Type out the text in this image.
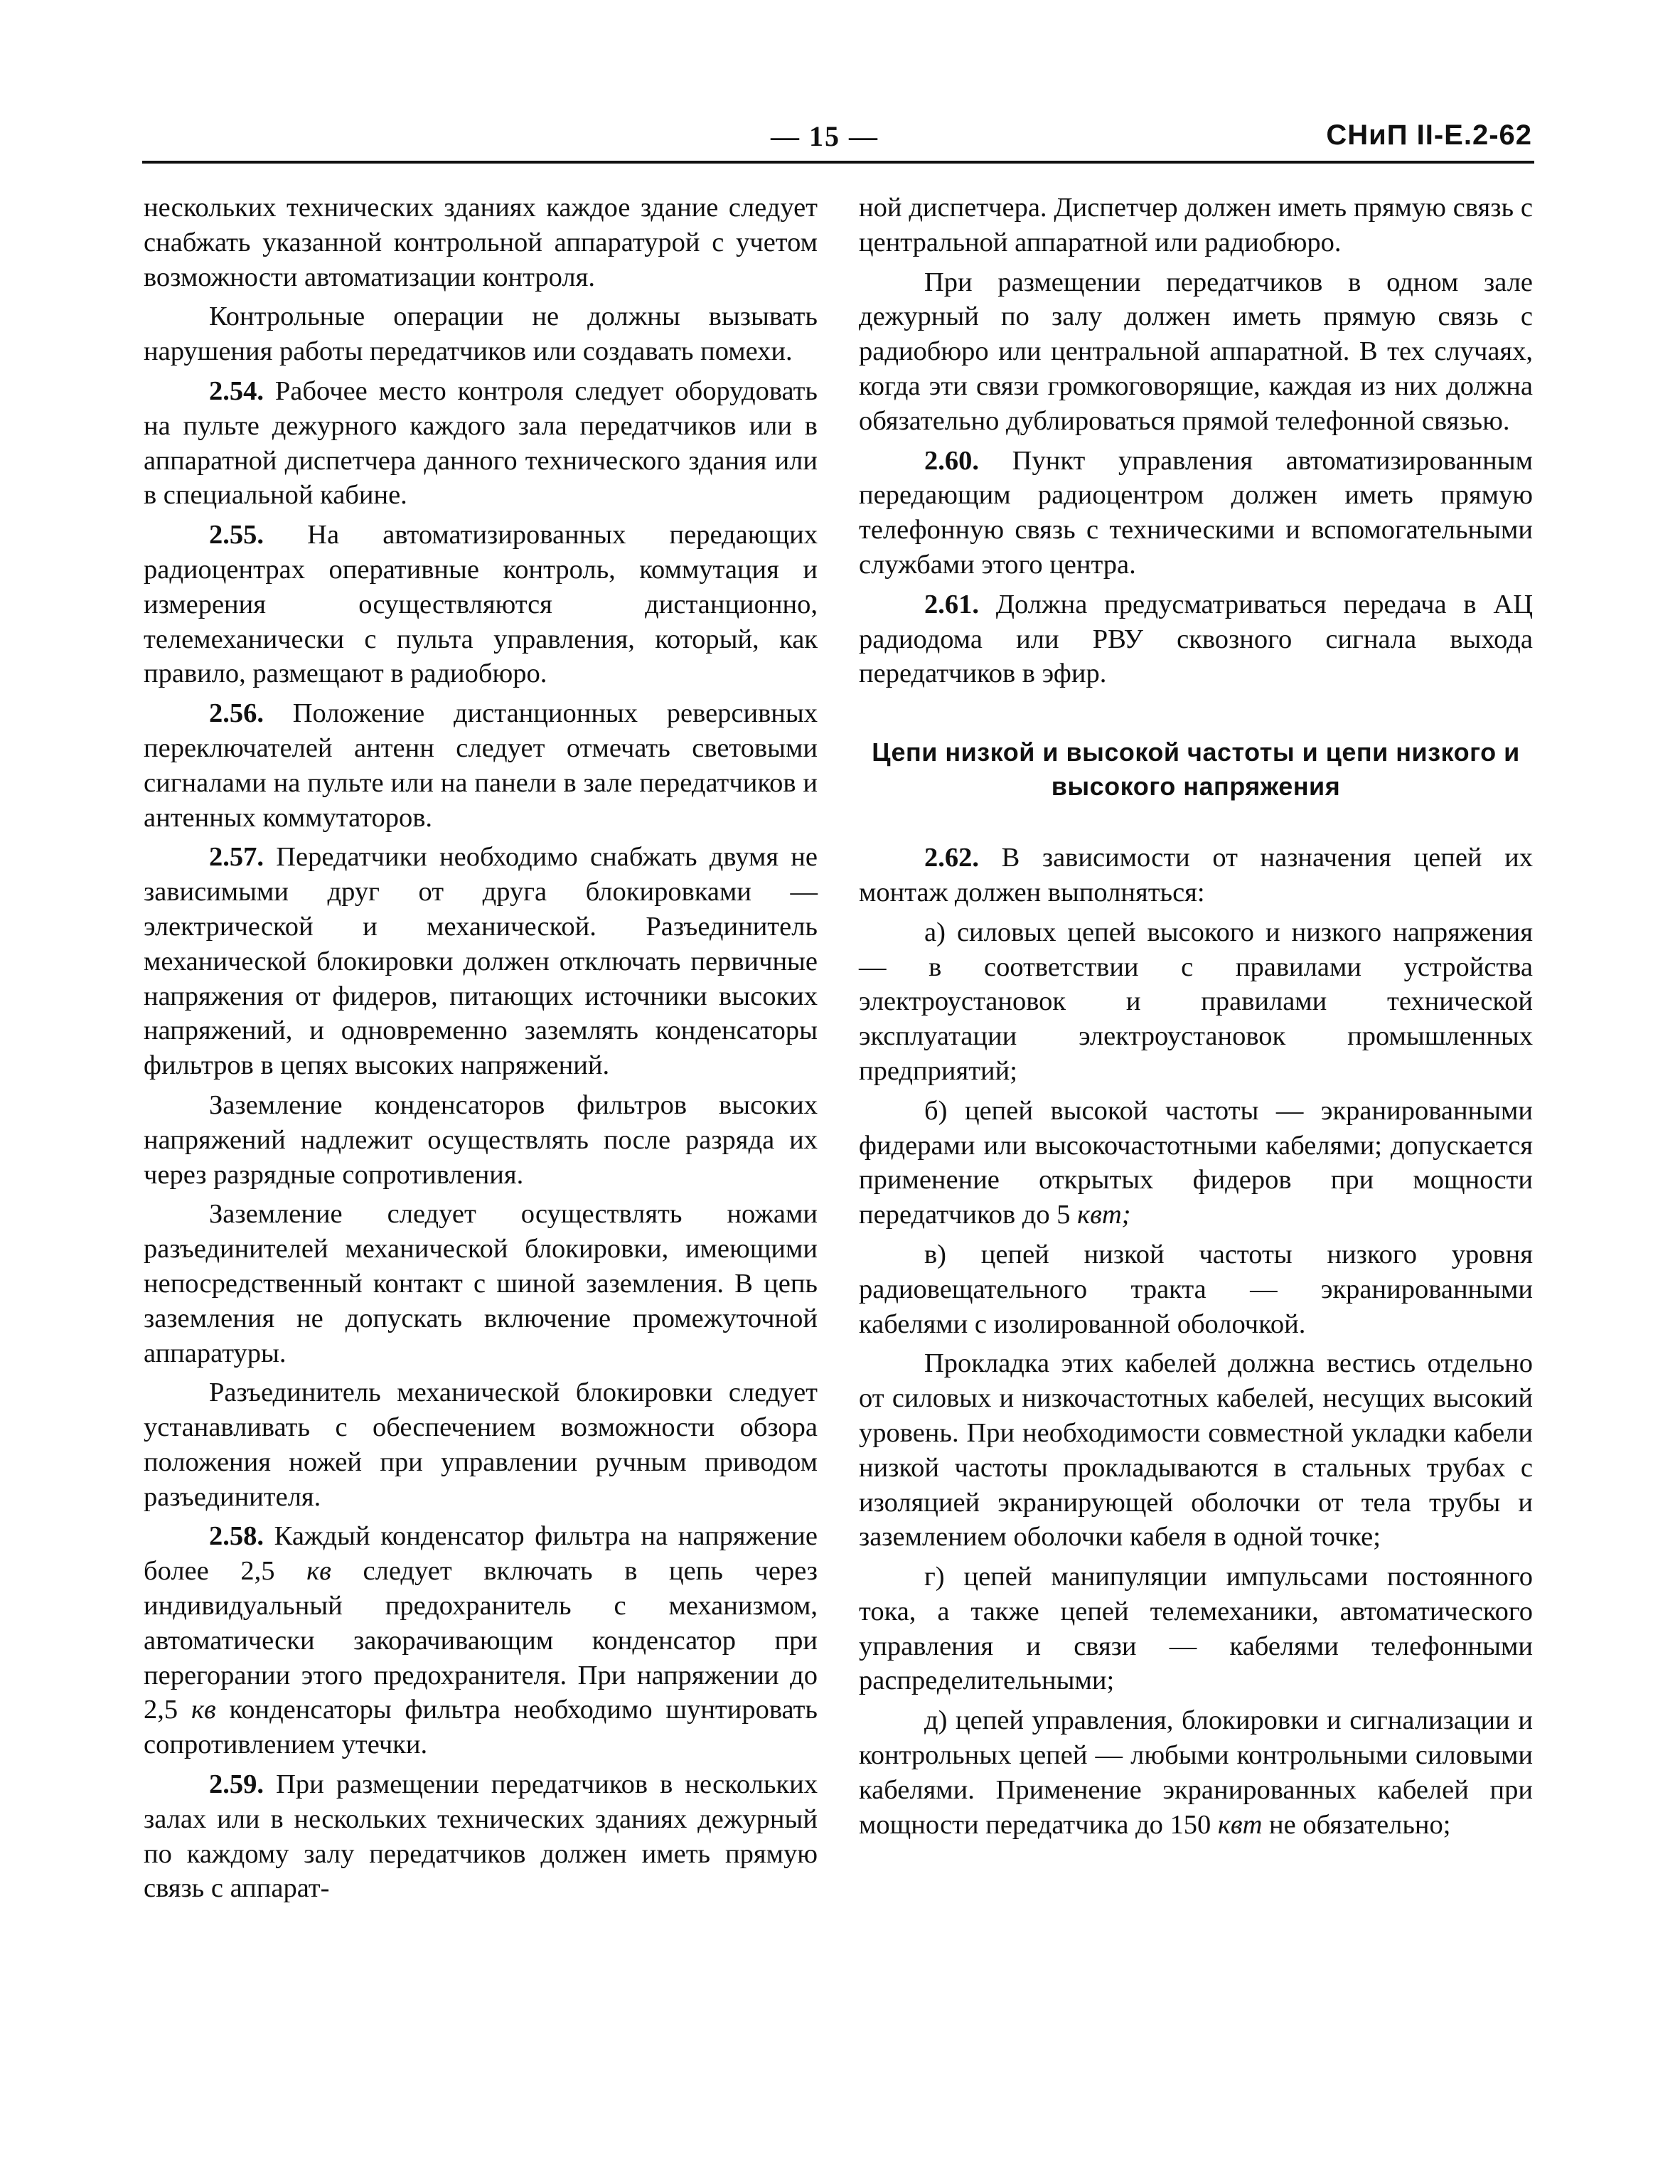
— 15 —	СНиП II-Е.2-62

нескольких технических зданиях каждое здание следует снабжать указанной контрольной аппаратурой с учетом возможности автоматизации контроля.

Контрольные операции не должны вызывать нарушения работы передатчиков или создавать помехи.

2.54. Рабочее место контроля следует оборудовать на пульте дежурного каждого зала передатчиков или в аппаратной диспетчера данного технического здания или в специальной кабине.

2.55. На автоматизированных передающих радиоцентрах оперативные контроль, коммутация и измерения осуществляются дистанционно, телемеханически с пульта управления, который, как правило, размещают в радиобюро.

2.56. Положение дистанционных реверсивных переключателей антенн следует отмечать световыми сигналами на пульте или на панели в зале передатчиков и антенных коммутаторов.

2.57. Передатчики необходимо снабжать двумя не зависимыми друг от друга блокировками — электрической и механической. Разъединитель механической блокировки должен отключать первичные напряжения от фидеров, питающих источники высоких напряжений, и одновременно заземлять конденсаторы фильтров в цепях высоких напряжений.

Заземление конденсаторов фильтров высоких напряжений надлежит осуществлять после разряда их через разрядные сопротивления.

Заземление следует осуществлять ножами разъединителей механической блокировки, имеющими непосредственный контакт с шиной заземления. В цепь заземления не допускать включение промежуточной аппаратуры.

Разъединитель механической блокировки следует устанавливать с обеспечением возможности обзора положения ножей при управлении ручным приводом разъединителя.

2.58. Каждый конденсатор фильтра на напряжение более 2,5 кв следует включать в цепь через индивидуальный предохранитель с механизмом, автоматически закорачивающим конденсатор при перегорании этого предохранителя. При напряжении до 2,5 кв конденсаторы фильтра необходимо шунтировать сопротивлением утечки.

2.59. При размещении передатчиков в нескольких залах или в нескольких технических зданиях дежурный по каждому залу передатчиков должен иметь прямую связь с аппарат-

ной диспетчера. Диспетчер должен иметь прямую связь с центральной аппаратной или радиобюро.

При размещении передатчиков в одном зале дежурный по залу должен иметь прямую связь с радиобюро или центральной аппаратной. В тех случаях, когда эти связи громкоговорящие, каждая из них должна обязательно дублироваться прямой телефонной связью.

2.60. Пункт управления автоматизированным передающим радиоцентром должен иметь прямую телефонную связь с техническими и вспомогательными службами этого центра.

2.61. Должна предусматриваться передача в АЦ радиодома или РВУ сквозного сигнала выхода передатчиков в эфир.

Цепи низкой и высокой частоты и цепи низкого и высокого напряжения

2.62. В зависимости от назначения цепей их монтаж должен выполняться:

а) силовых цепей высокого и низкого напряжения — в соответствии с правилами устройства электроустановок и правилами технической эксплуатации электроустановок промышленных предприятий;

б) цепей высокой частоты — экранированными фидерами или высокочастотными кабелями; допускается применение открытых фидеров при мощности передатчиков до 5 квт;

в) цепей низкой частоты низкого уровня радиовещательного тракта — экранированными кабелями с изолированной оболочкой.

Прокладка этих кабелей должна вестись отдельно от силовых и низкочастотных кабелей, несущих высокий уровень. При необходимости совместной укладки кабели низкой частоты прокладываются в стальных трубах с изоляцией экранирующей оболочки от тела трубы и заземлением оболочки кабеля в одной точке;

г) цепей манипуляции импульсами постоянного тока, а также цепей телемеханики, автоматического управления и связи — кабелями телефонными распределительными;

д) цепей управления, блокировки и сигнализации и контрольных цепей — любыми контрольными силовыми кабелями. Применение экранированных кабелей при мощности передатчика до 150 квт не обязательно;
